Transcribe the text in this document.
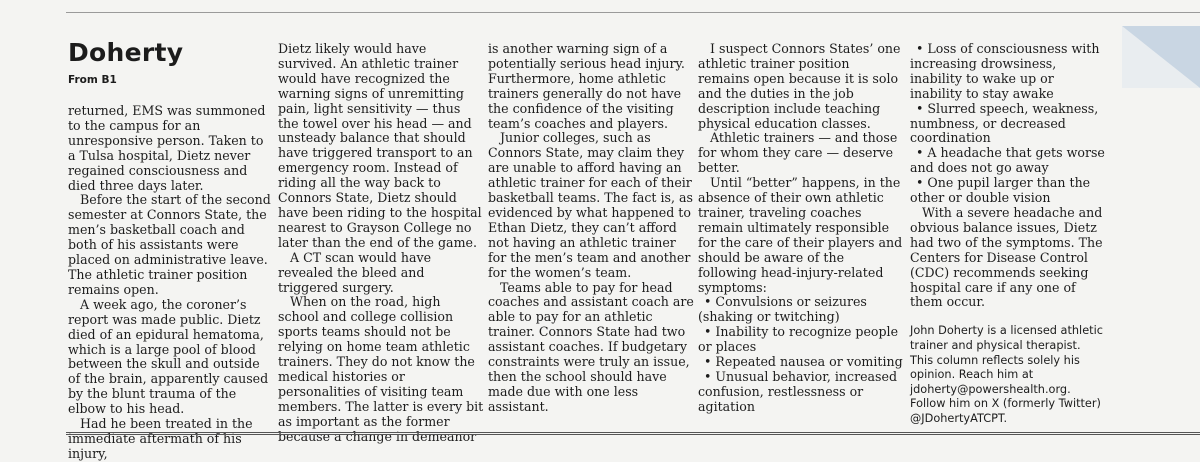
Doherty
From B1

returned, EMS was summoned to the campus for an unresponsive person. Taken to a Tulsa hospital, Dietz never regained consciousness and died three days later.

Before the start of the second semester at Connors State, the men’s basketball coach and both of his assistants were placed on administrative leave. The athletic trainer position remains open.

A week ago, the coroner’s report was made public. Dietz died of an epidural hematoma, which is a large pool of blood between the skull and outside of the brain, apparently caused by the blunt trauma of the elbow to his head.

Had he been treated in the immediate aftermath of his injury,

Dietz likely would have survived. An athletic trainer would have recognized the warning signs of unremitting pain, light sensitivity — thus the towel over his head — and unsteady balance that should have triggered transport to an emergency room. Instead of riding all the way back to Connors State, Dietz should have been riding to the hospital nearest to Grayson College no later than the end of the game.

A CT scan would have revealed the bleed and triggered surgery.

When on the road, high school and college collision sports teams should not be relying on home team athletic trainers. They do not know the medical histories or personalities of visiting team members. The latter is every bit as important as the former because a change in demeanor

is another warning sign of a potentially serious head injury. Furthermore, home athletic trainers generally do not have the confidence of the visiting team’s coaches and players.

Junior colleges, such as Connors State, may claim they are unable to afford having an athletic trainer for each of their basketball teams. The fact is, as evidenced by what happened to Ethan Dietz, they can’t afford not having an athletic trainer for the men’s team and another for the women’s team.

Teams able to pay for head coaches and assistant coach are able to pay for an athletic trainer. Connors State had two assistant coaches. If budgetary constraints were truly an issue, then the school should have made due with one less assistant.

I suspect Connors States’ one athletic trainer position remains open because it is solo and the duties in the job description include teaching physical education classes.

Athletic trainers — and those for whom they care — deserve better.

Until “better” happens, in the absence of their own athletic trainer, traveling coaches remain ultimately responsible for the care of their players and should be aware of the following head-injury-related symptoms:

• Convulsions or seizures (shaking or twitching)

• Inability to recognize people or places

• Repeated nausea or vomiting

• Unusual behavior, increased confusion, restlessness or agitation

• Loss of consciousness with increasing drowsiness, inability to wake up or inability to stay awake

• Slurred speech, weakness, numbness, or decreased coordination

• A headache that gets worse and does not go away

• One pupil larger than the other or double vision

With a severe headache and obvious balance issues, Dietz had two of the symptoms. The Centers for Disease Control (CDC) recommends seeking hospital care if any one of them occur.

John Doherty is a licensed athletic trainer and physical therapist. This column reflects solely his opinion. Reach him at jdoherty@powershealth.org. Follow him on X (formerly Twitter) @JDohertyATCPT.
